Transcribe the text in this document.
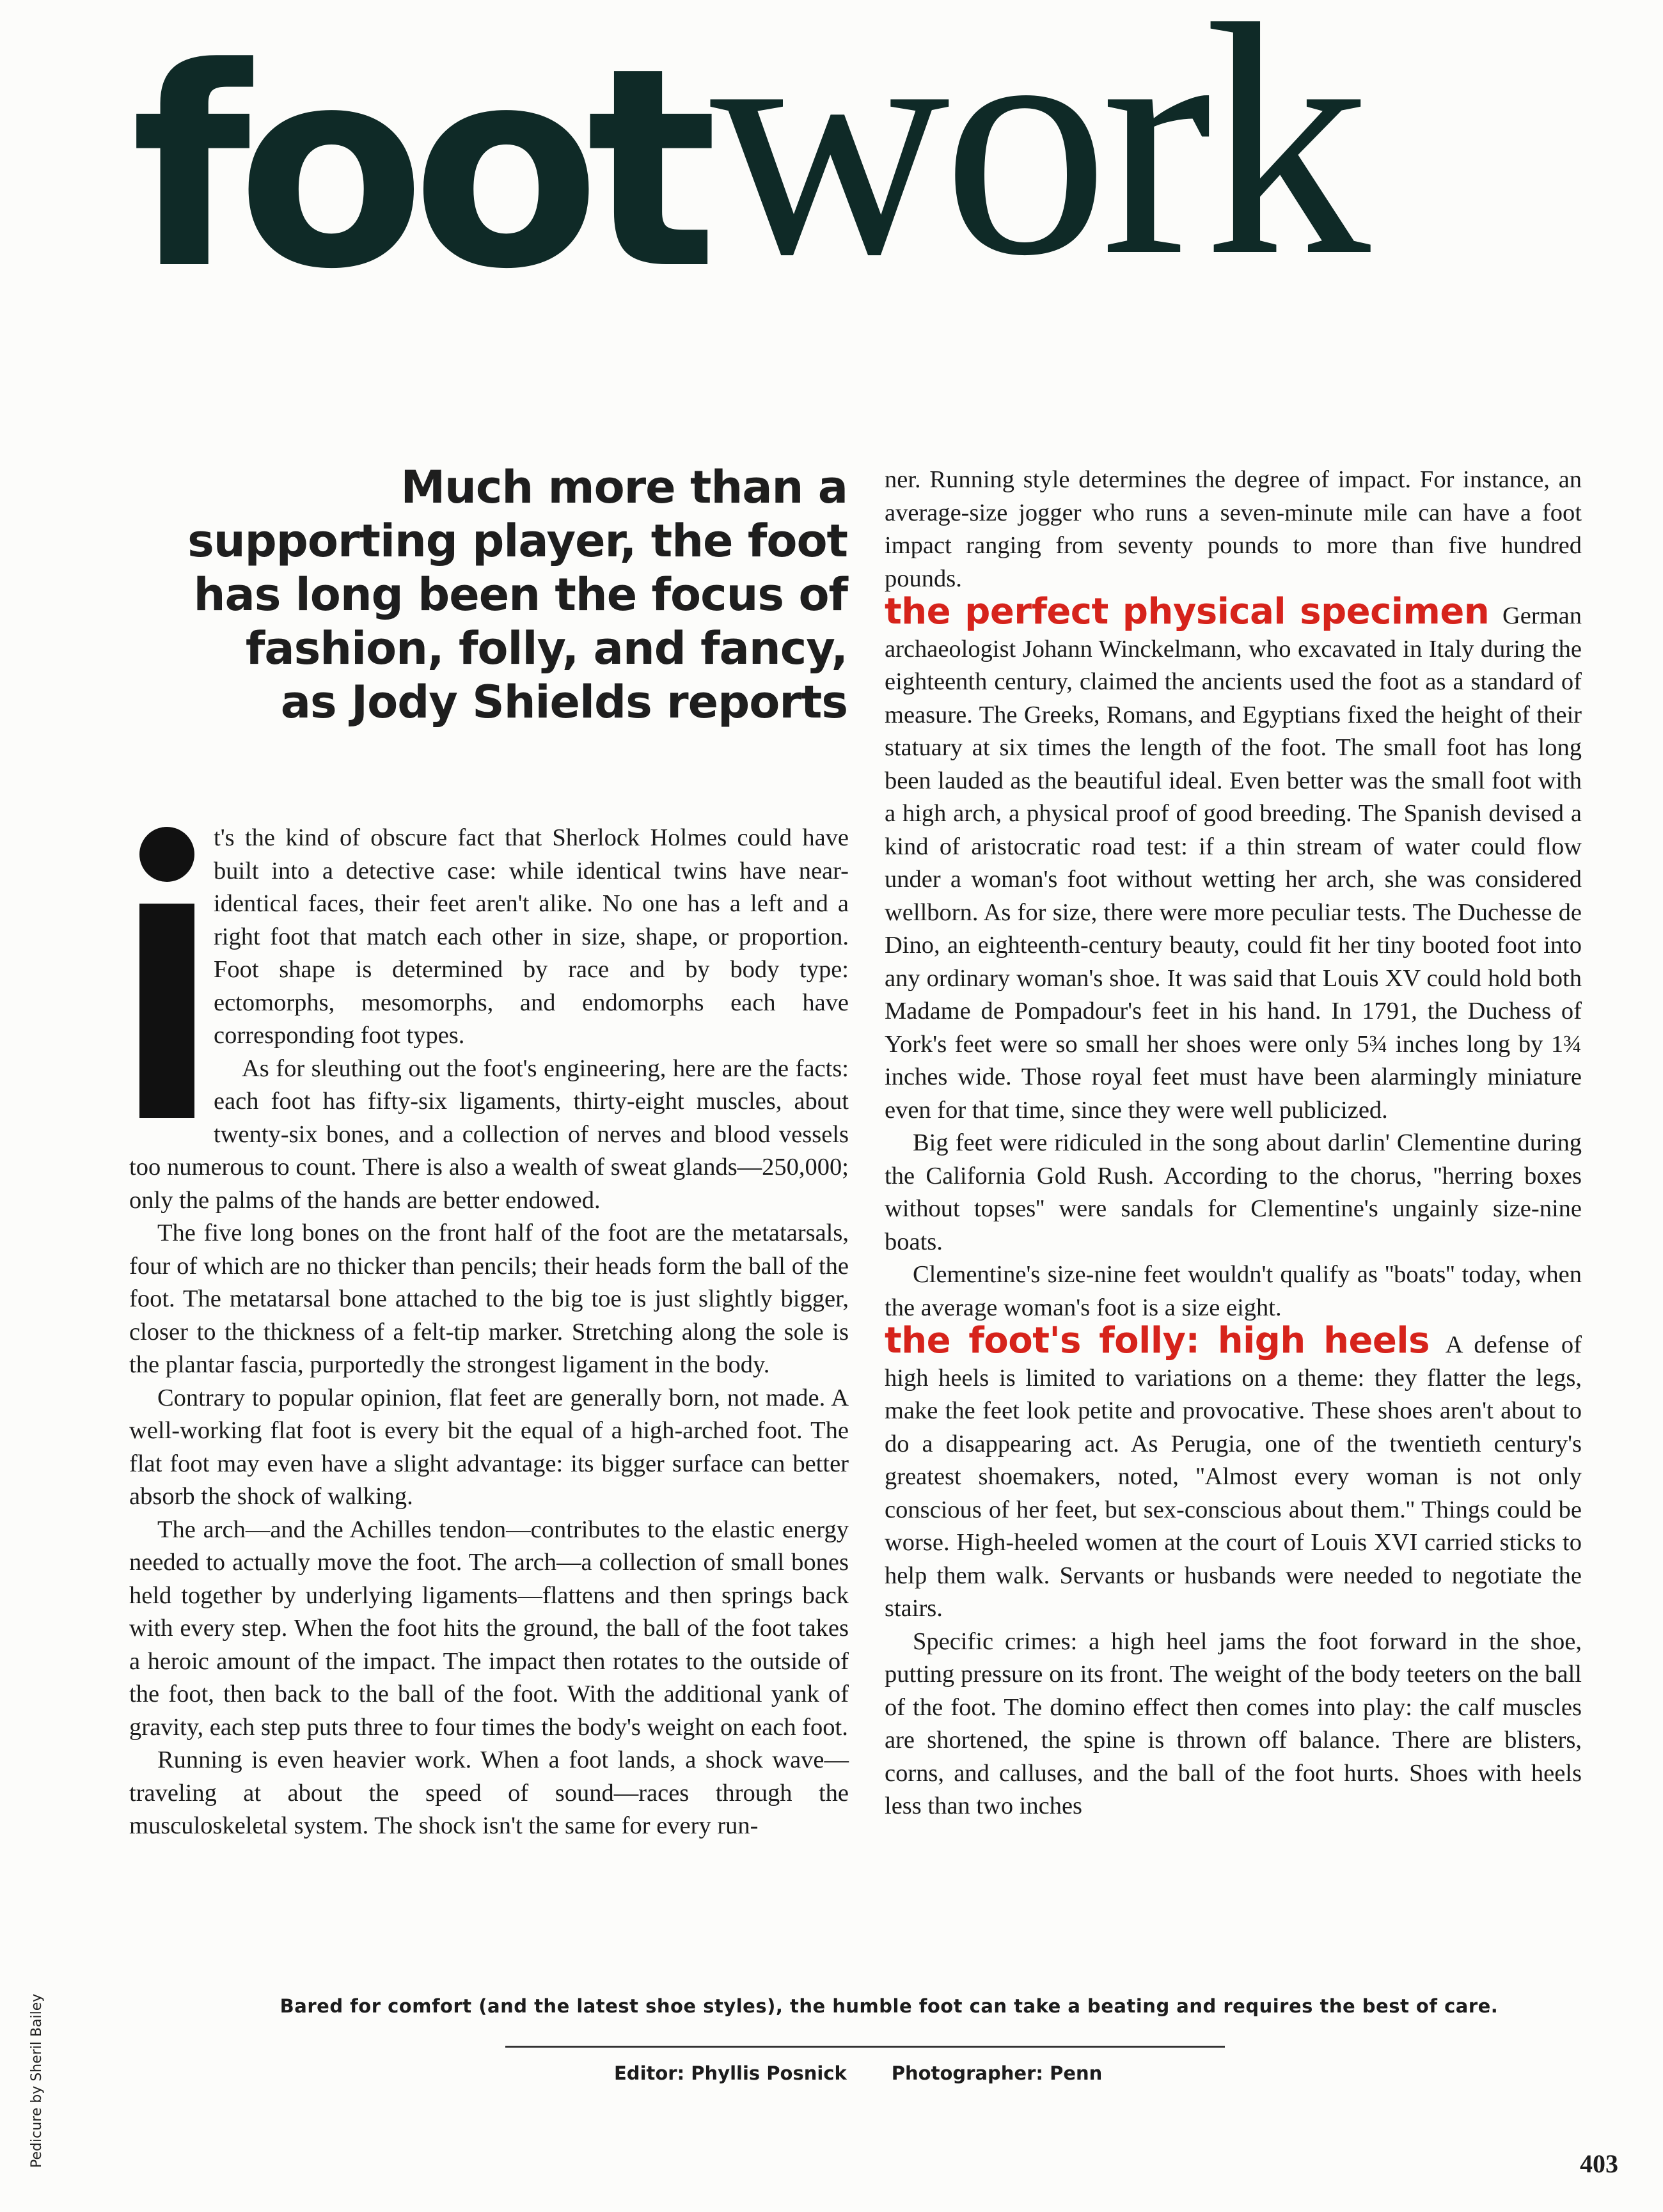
foot work
Much more than a
supporting player, the foot
has long been the focus of
fashion, folly, and fancy,
as Jody Shields reports

t's the kind of obscure fact that Sherlock Holmes could have built into a detective case: while identical twins have near-identical faces, their feet aren't alike. No one has a left and a right foot that match each other in size, shape, or proportion. Foot shape is determined by race and by body type: ectomorphs, mesomorphs, and endomorphs each have corresponding foot types.

As for sleuthing out the foot's engineering, here are the facts: each foot has fifty-six ligaments, thirty-eight muscles, about twenty-six bones, and a collection of nerves and blood vessels too numerous to count. There is also a wealth of sweat glands—250,000; only the palms of the hands are better endowed.

The five long bones on the front half of the foot are the metatarsals, four of which are no thicker than pencils; their heads form the ball of the foot. The metatarsal bone attached to the big toe is just slightly bigger, closer to the thickness of a felt-tip marker. Stretching along the sole is the plantar fascia, purportedly the strongest ligament in the body.

Contrary to popular opinion, flat feet are generally born, not made. A well-working flat foot is every bit the equal of a high-arched foot. The flat foot may even have a slight advantage: its bigger surface can better absorb the shock of walking.

The arch—and the Achilles tendon—contributes to the elastic energy needed to actually move the foot. The arch—a collection of small bones held together by underlying ligaments—flattens and then springs back with every step. When the foot hits the ground, the ball of the foot takes a heroic amount of the impact. The impact then rotates to the outside of the foot, then back to the ball of the foot. With the additional yank of gravity, each step puts three to four times the body's weight on each foot.

Running is even heavier work. When a foot lands, a shock wave—traveling at about the speed of sound—races through the musculoskeletal system. The shock isn't the same for every run-

ner. Running style determines the degree of impact. For instance, an average-size jogger who runs a seven-minute mile can have a foot impact ranging from seventy pounds to more than five hundred pounds.

the perfect physical specimen German archaeologist Johann Winckelmann, who excavated in Italy during the eighteenth century, claimed the ancients used the foot as a standard of measure. The Greeks, Romans, and Egyptians fixed the height of their statuary at six times the length of the foot. The small foot has long been lauded as the beautiful ideal. Even better was the small foot with a high arch, a physical proof of good breeding. The Spanish devised a kind of aristocratic road test: if a thin stream of water could flow under a woman's foot without wetting her arch, she was considered wellborn. As for size, there were more peculiar tests. The Duchesse de Dino, an eighteenth-century beauty, could fit her tiny booted foot into any ordinary woman's shoe. It was said that Louis XV could hold both Madame de Pompadour's feet in his hand. In 1791, the Duchess of York's feet were so small her shoes were only 5¾ inches long by 1¾ inches wide. Those royal feet must have been alarmingly miniature even for that time, since they were well publicized.

Big feet were ridiculed in the song about darlin' Clementine during the California Gold Rush. According to the chorus, ''herring boxes without topses'' were sandals for Clementine's ungainly size-nine boats.

Clementine's size-nine feet wouldn't qualify as ''boats'' today, when the average woman's foot is a size eight.

the foot's folly: high heels A defense of high heels is limited to variations on a theme: they flatter the legs, make the feet look petite and provocative. These shoes aren't about to do a disappearing act. As Perugia, one of the twentieth century's greatest shoemakers, noted, ''Almost every woman is not only conscious of her feet, but sex-conscious about them.'' Things could be worse. High-heeled women at the court of Louis XVI carried sticks to help them walk. Servants or husbands were needed to negotiate the stairs.

Specific crimes: a high heel jams the foot forward in the shoe, putting pressure on its front. The weight of the body teeters on the ball of the foot. The domino effect then comes into play: the calf muscles are shortened, the spine is thrown off balance. There are blisters, corns, and calluses, and the ball of the foot hurts. Shoes with heels less than two inches

Bared for comfort (and the latest shoe styles), the humble foot can take a beating and requires the best of care.
Editor: Phyllis Posnick Photographer: Penn
Pedicure by Sheril Bailey	403
